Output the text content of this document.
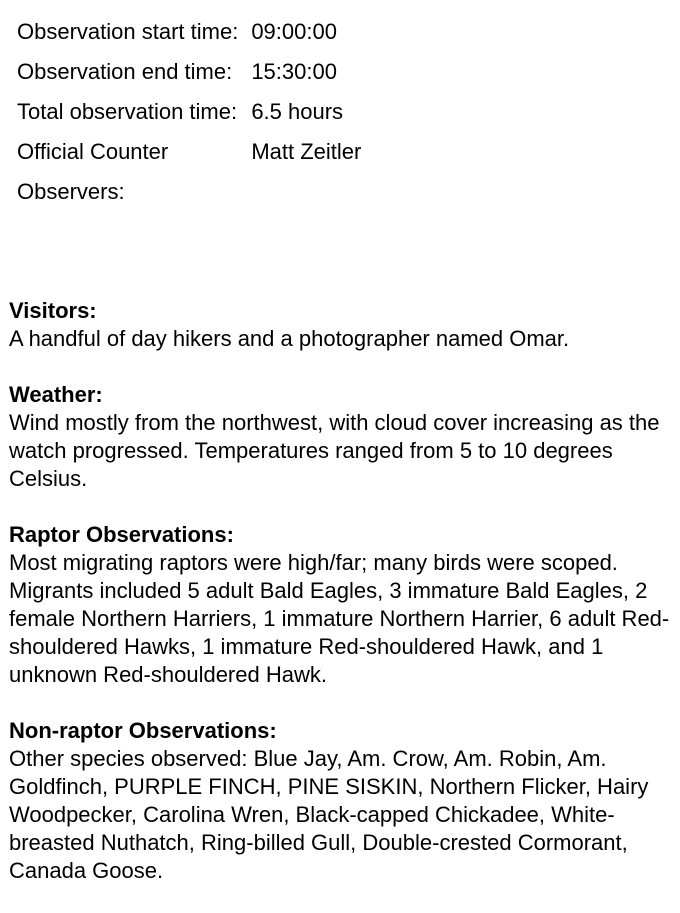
Observation start time:	09:00:00
Observation end time:	15:30:00
Total observation time:	6.5 hours
Official Counter	Matt Zeitler
Observers:	
Visitors:

A handful of day hikers and a photographer named Omar.

Weather:

Wind mostly from the northwest, with cloud cover increasing as the watch progressed. Temperatures ranged from 5 to 10 degrees Celsius.

Raptor Observations:

Most migrating raptors were high/far; many birds were scoped. Migrants included 5 adult Bald Eagles, 3 immature Bald Eagles, 2 female Northern Harriers, 1 immature Northern Harrier, 6 adult Red-shouldered Hawks, 1 immature Red-shouldered Hawk, and 1 unknown Red-shouldered Hawk.

Non-raptor Observations:

Other species observed: Blue Jay, Am. Crow, Am. Robin, Am. Goldfinch, PURPLE FINCH, PINE SISKIN, Northern Flicker, Hairy Woodpecker, Carolina Wren, Black-capped Chickadee, White-breasted Nuthatch, Ring-billed Gull, Double-crested Cormorant, Canada Goose.
